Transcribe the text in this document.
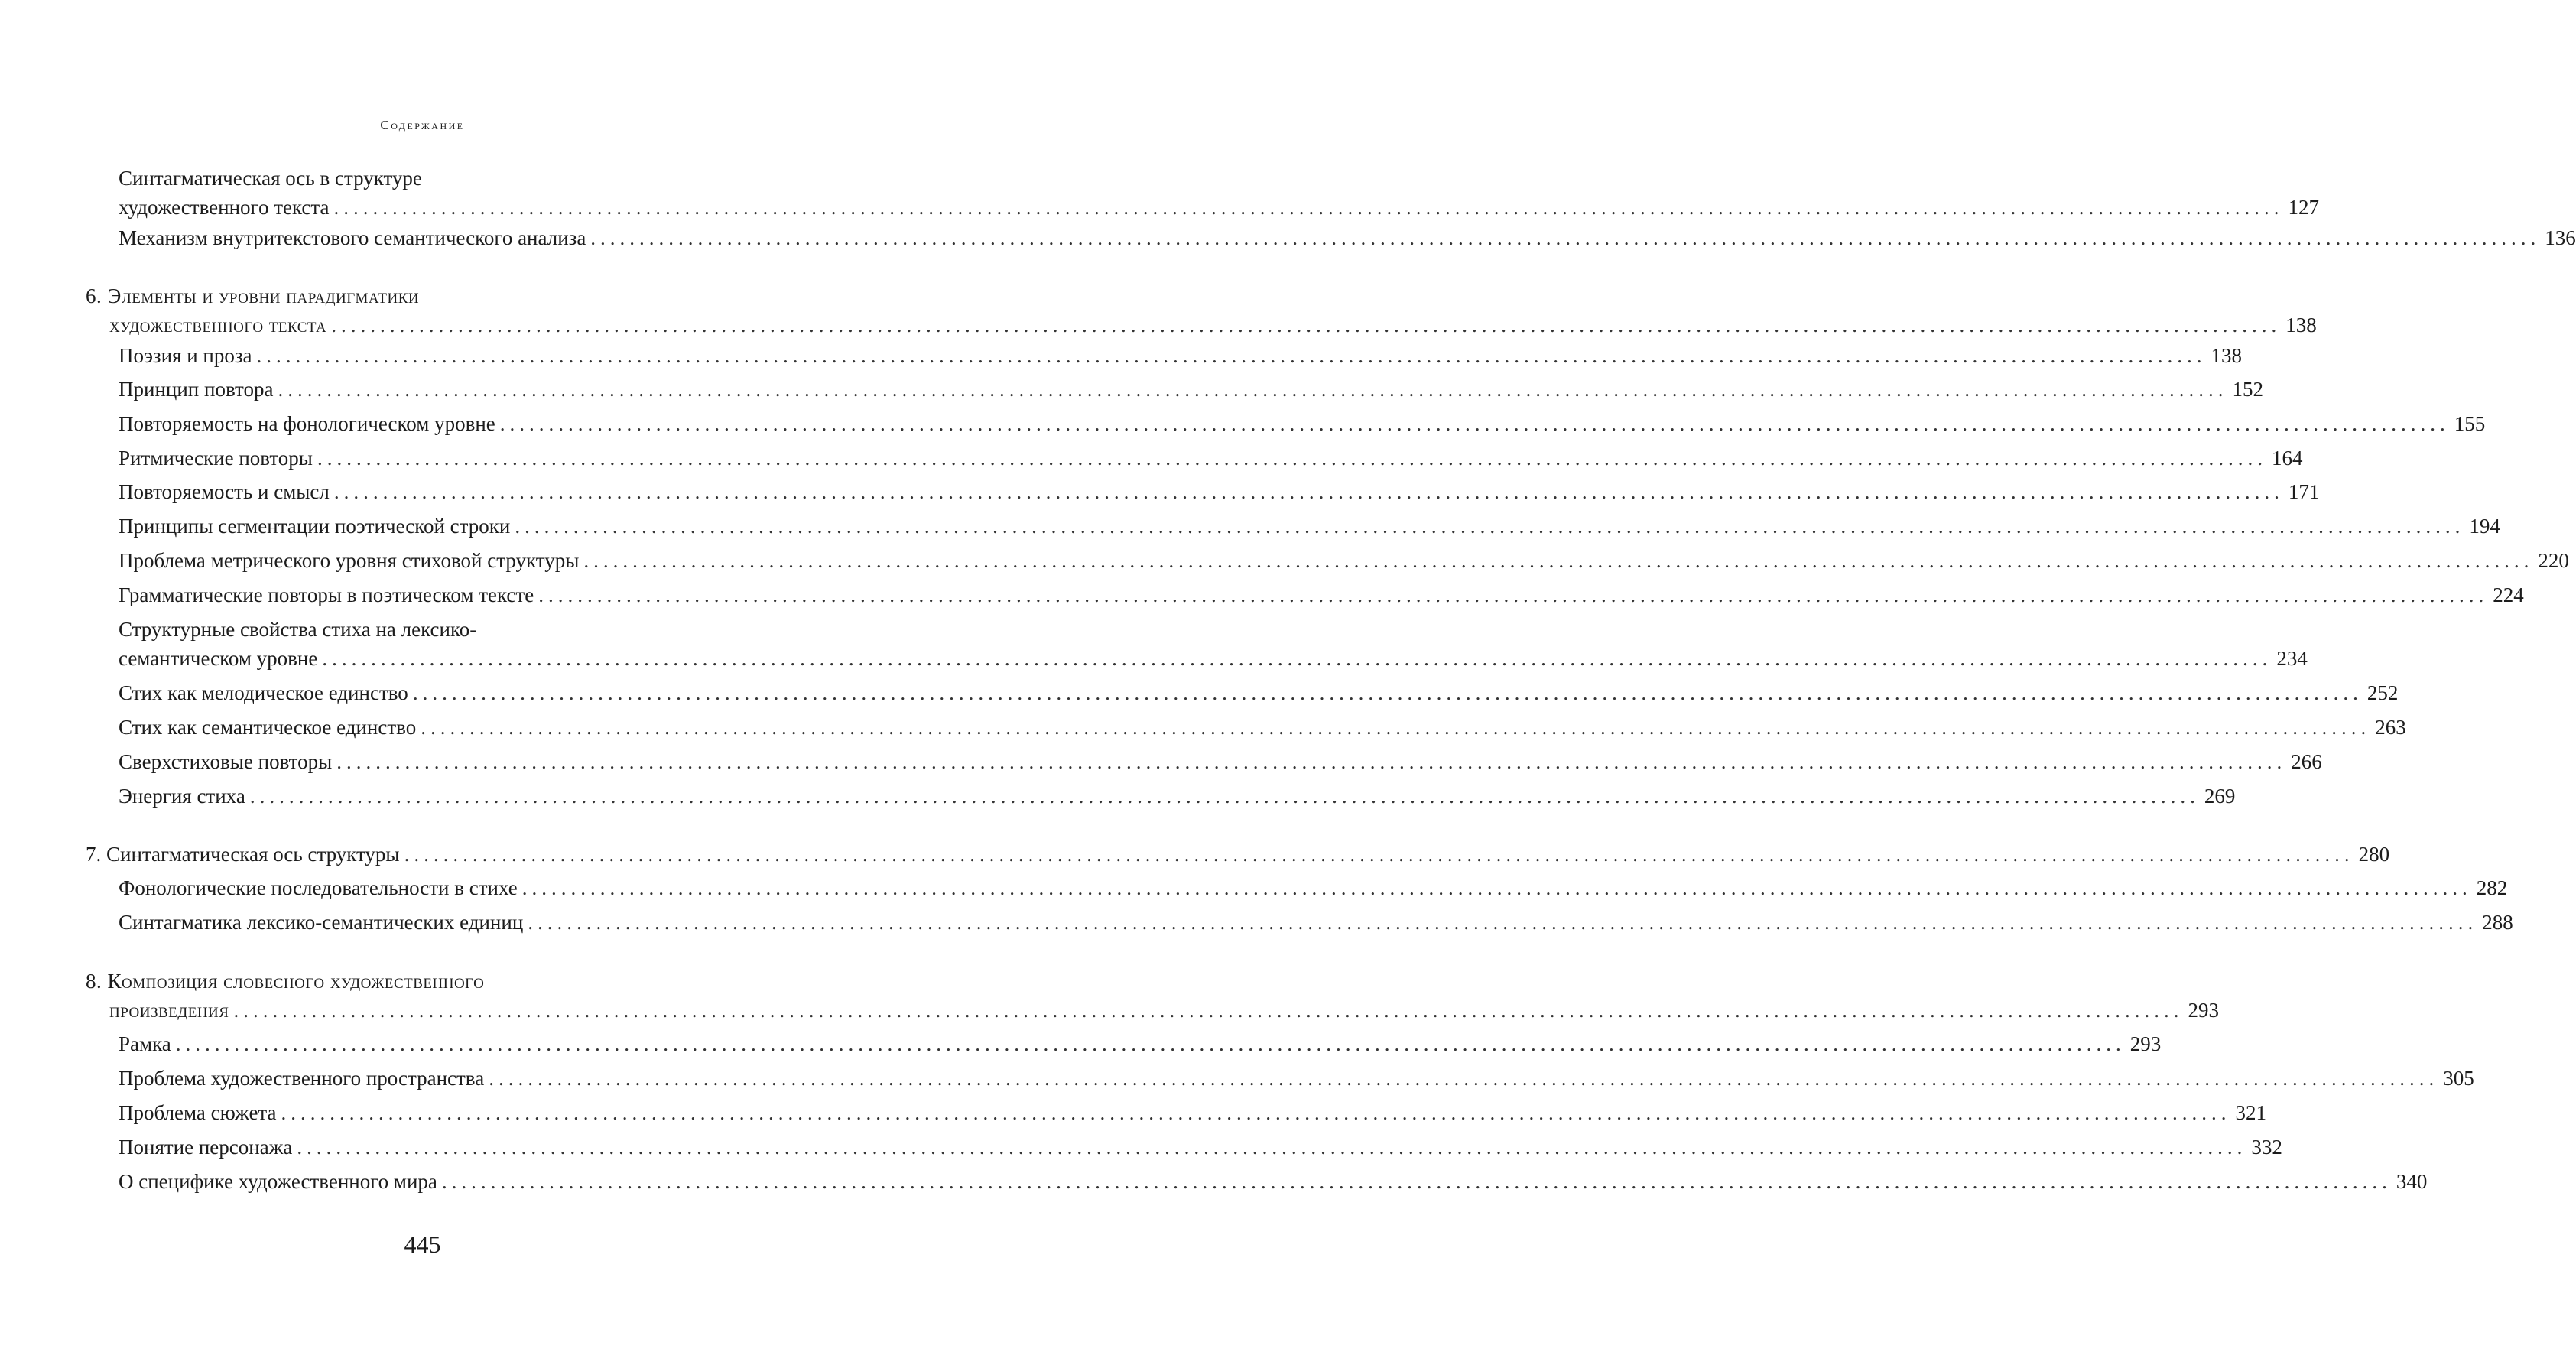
Содержание
Синтагматическая ось в структуре
художественного текста ........................................................................................................................................................................................................ 127
Механизм внутритекстового семантического анализа ........................................................................................................................................................................................................ 136
6. Элементы и уровни парадигматики
художественного текста ........................................................................................................................................................................................................ 138
Поэзия и проза ........................................................................................................................................................................................................ 138
Принцип повтора ........................................................................................................................................................................................................ 152
Повторяемость на фонологическом уровне ........................................................................................................................................................................................................ 155
Ритмические повторы ........................................................................................................................................................................................................ 164
Повторяемость и смысл ........................................................................................................................................................................................................ 171
Принципы сегментации поэтической строки ........................................................................................................................................................................................................ 194
Проблема метрического уровня стиховой структуры ........................................................................................................................................................................................................ 220
Грамматические повторы в поэтическом тексте ........................................................................................................................................................................................................ 224
Структурные свойства стиха на лексико-
семантическом уровне ........................................................................................................................................................................................................ 234
Стих как мелодическое единство ........................................................................................................................................................................................................ 252
Стих как семантическое единство ........................................................................................................................................................................................................ 263
Сверхстиховые повторы ........................................................................................................................................................................................................ 266
Энергия стиха ........................................................................................................................................................................................................ 269
7. Синтагматическая ось структуры ........................................................................................................................................................................................................ 280
Фонологические последовательности в стихе ........................................................................................................................................................................................................ 282
Синтагматика лексико-семантических единиц ........................................................................................................................................................................................................ 288
8. Композиция словесного художественного
произведения ........................................................................................................................................................................................................ 293
Рамка ........................................................................................................................................................................................................ 293
Проблема художественного пространства ........................................................................................................................................................................................................ 305
Проблема сюжета ........................................................................................................................................................................................................ 321
Понятие персонажа ........................................................................................................................................................................................................ 332
О специфике художественного мира ........................................................................................................................................................................................................ 340
445
